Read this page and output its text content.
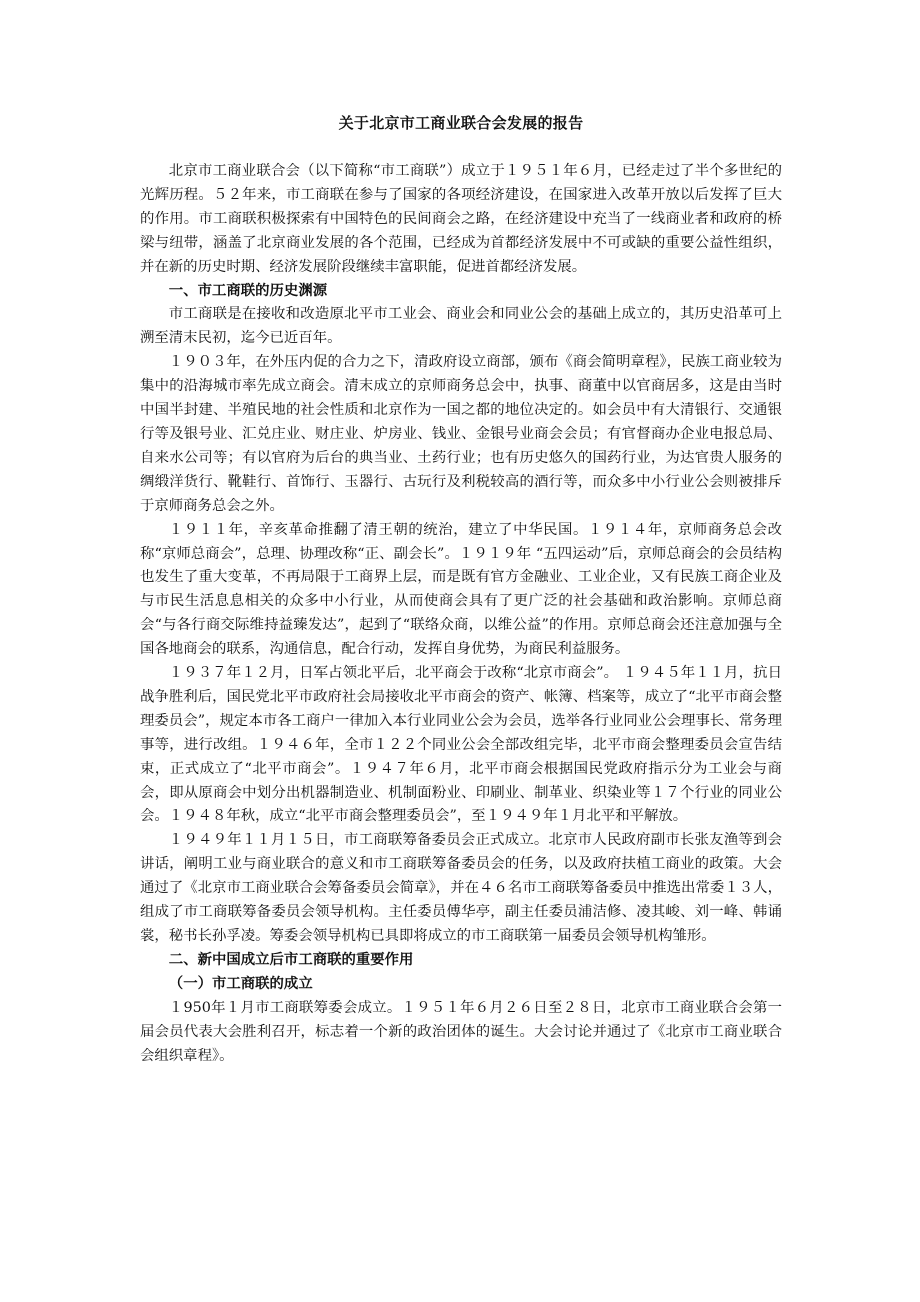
关于北京市工商业联合会发展的报告

北京市工商业联合会（以下简称“市工商联”）成立于１９５１年６月，已经走过了半个多世纪的光辉历程。５２年来，市工商联在参与了国家的各项经济建设，在国家进入改革开放以后发挥了巨大的作用。市工商联积极探索有中国特色的民间商会之路，在经济建设中充当了一线商业者和政府的桥梁与纽带，涵盖了北京商业发展的各个范围，已经成为首都经济发展中不可或缺的重要公益性组织，并在新的历史时期、经济发展阶段继续丰富职能，促进首都经济发展。

一、市工商联的历史渊源

市工商联是在接收和改造原北平市工业会、商业会和同业公会的基础上成立的，其历史沿革可上溯至清末民初，迄今已近百年。

１９０３年，在外压内促的合力之下，清政府设立商部，颁布《商会简明章程》，民族工商业较为集中的沿海城市率先成立商会。清末成立的京师商务总会中，执事、商董中以官商居多，这是由当时中国半封建、半殖民地的社会性质和北京作为一国之都的地位决定的。如会员中有大清银行、交通银行等及银号业、汇兑庄业、财庄业、炉房业、钱业、金银号业商会会员；有官督商办企业电报总局、自来水公司等；有以官府为后台的典当业、土药行业；也有历史悠久的国药行业，为达官贵人服务的绸缎洋货行、靴鞋行、首饰行、玉器行、古玩行及利税较高的酒行等，而众多中小行业公会则被排斥于京师商务总会之外。

１９１１年，辛亥革命推翻了清王朝的统治，建立了中华民国。１９１４年，京师商务总会改称“京师总商会”，总理、协理改称“正、副会长”。１９１９年 “五四运动”后，京师总商会的会员结构也发生了重大变革，不再局限于工商界上层，而是既有官方金融业、工业企业，又有民族工商企业及与市民生活息息相关的众多中小行业，从而使商会具有了更广泛的社会基础和政治影响。京师总商会“与各行商交际维持益臻发达”，起到了“联络众商，以维公益”的作用。京师总商会还注意加强与全国各地商会的联系，沟通信息，配合行动，发挥自身优势，为商民利益服务。

１９３７年１２月，日军占领北平后，北平商会于改称“北京市商会”。 １９４５年１１月，抗日战争胜利后，国民党北平市政府社会局接收北平市商会的资产、帐簿、档案等，成立了“北平市商会整理委员会”，规定本市各工商户一律加入本行业同业公会为会员，选举各行业同业公会理事长、常务理事等，进行改组。１９４６年，全市１２２个同业公会全部改组完毕，北平市商会整理委员会宣告结束，正式成立了“北平市商会”。１９４７年６月，北平市商会根据国民党政府指示分为工业会与商会，即从原商会中划分出机器制造业、机制面粉业、印刷业、制革业、织染业等１７个行业的同业公会。１９４８年秋，成立“北平市商会整理委员会”，至１９４９年１月北平和平解放。

１９４９年１１月１５日，市工商联筹备委员会正式成立。北京市人民政府副市长张友渔等到会讲话，阐明工业与商业联合的意义和市工商联筹备委员会的任务，以及政府扶植工商业的政策。大会通过了《北京市工商业联合会筹备委员会简章》，并在４６名市工商联筹备委员中推选出常委１３人，组成了市工商联筹备委员会领导机构。主任委员傅华亭，副主任委员浦洁修、凌其峻、刘一峰、韩诵裳，秘书长孙孚凌。筹委会领导机构已具即将成立的市工商联第一届委员会领导机构雏形。

二、新中国成立后市工商联的重要作用
（一）市工商联的成立

１950年１月市工商联筹委会成立。１９５１年６月２６日至２８日，北京市工商业联合会第一届会员代表大会胜利召开，标志着一个新的政治团体的诞生。大会讨论并通过了《北京市工商业联合会组织章程》。
